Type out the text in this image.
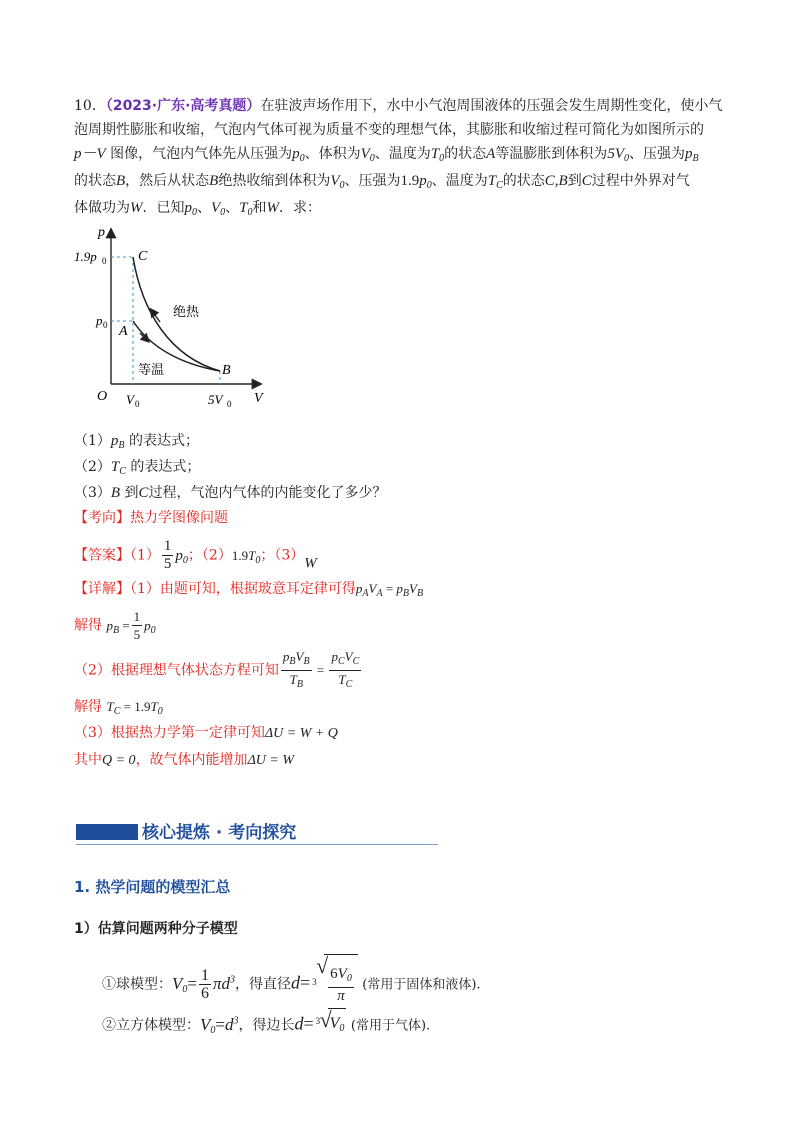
10．（2023·广东·高考真题）在驻波声场作用下，水中小气泡周围液体的压强会发生周期性变化，使小气
泡周期性膨胀和收缩，气泡内气体可视为质量不变的理想气体，其膨胀和收缩过程可简化为如图所示的
p－V 图像，气泡内气体先从压强为$p_0$、体积为$V_0$、温度为$T_0$的状态A等温膨胀到体积为$5V_0$、压强为$p_B$
的状态B，然后从状态B绝热收缩到体积为$V_0$、压强为$1.9p_0$、温度为$T_C$的状态C,B到C过程中外界对气
体做功为W．已知$p_0$、$V_0$、$T_0$和W．求：
p
V
O
1.9p 0
p 0
V 0	5V 0
C
A
B
绝热
等温
$(1)p_B$ 的表达式；
$(2)T_C$ 的表达式；
（3）B 到C过程，气泡内气体的内能变化了多少？
【考向】热力学图像问题
【答案】$(1) \frac{1}{5} p_0$；$(2)1.9T_0$；（3）W
【详解】（1）由题可知，根据玻意耳定律可得$p_AV_A = p_BV_B$
解得 $p_B = \frac{1}{5} p_0$
（2）根据理想气体状态方程可知 $\frac{p_BV_B}{T_B} = \frac{p_CV_C}{T_C}$
解得 $T_C = 1.9T_0$
（3）根据热力学第一定律可知ΔU = W + Q
其中Q = 0，故气体内能增加ΔU = W
核心提炼 · 考向探究
1. 热学问题的模型汇总
1）估算问题两种分子模型
①球模型：$V_0= \frac{1}{6} \pi d^3$，得直径d= 3
√
$\frac{6V_0}{\pi}$ (常用于固体和液体).
②立方体模型：$V_0=d^3$，得边长d= 3 √
$V_0$ (常用于气体).
